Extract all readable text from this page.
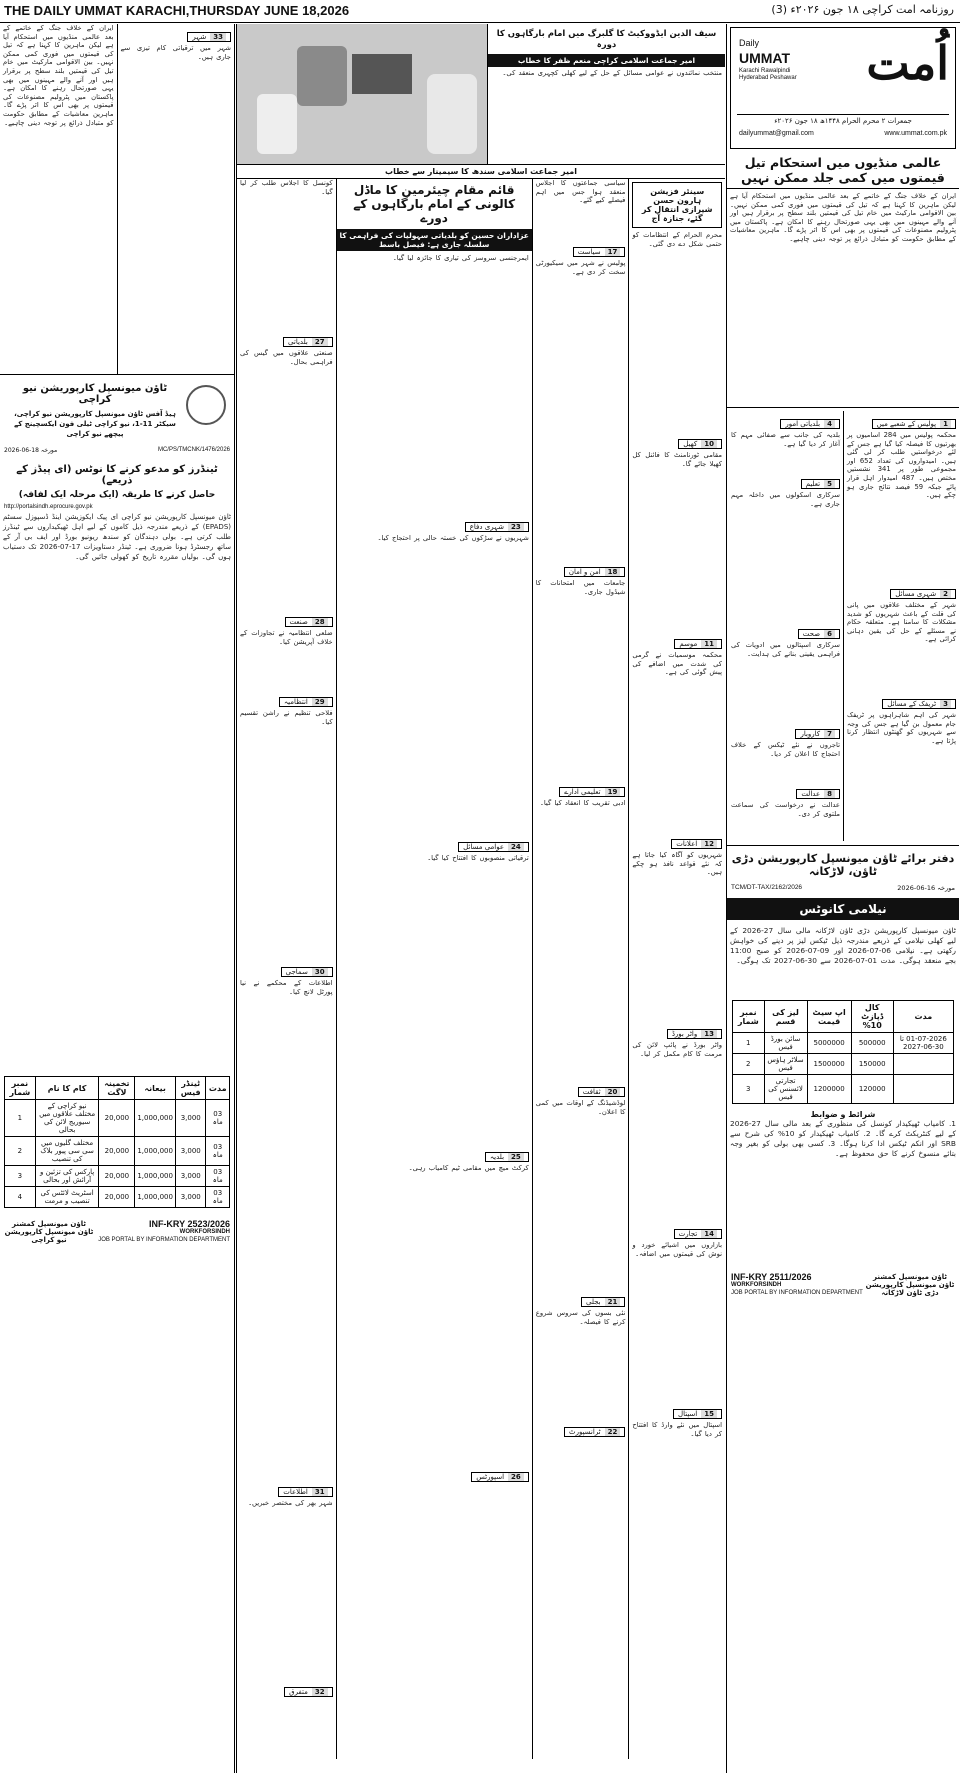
THE DAILY UMMAT KARACHI,THURSDAY JUNE 18,2026	روزنامہ امت کراچی ۱۸ جون ۲۰۲۶ء (3)
اُمت
Daily
UMMAT
Karachi Rawalpindi Hyderabad Peshawar
جمعرات ۲ محرم الحرام ۱۴۴۸ھ ۱۸ جون ۲۰۲۶ء
dailyummat@gmail.com	www.ummat.com.pk
عالمی منڈیوں میں استحکام تیل قیمتوں میں کمی جلد ممکن نہیں
ایران کے خلاف جنگ کے خاتمے کے بعد عالمی منڈیوں میں استحکام آیا ہے لیکن ماہرین کا کہنا ہے کہ تیل کی قیمتوں میں فوری کمی ممکن نہیں۔ بین الاقوامی مارکیٹ میں خام تیل کی قیمتیں بلند سطح پر برقرار ہیں اور آنے والے مہینوں میں بھی یہی صورتحال رہنے کا امکان ہے۔ پاکستان میں پٹرولیم مصنوعات کی قیمتوں پر بھی اس کا اثر پڑے گا۔ ماہرین معاشیات کے مطابق حکومت کو متبادل ذرائع پر توجہ دینی چاہیے۔
1پولیس کے شعبے میں
محکمہ پولیس میں 284 اسامیوں پر بھرتیوں کا فیصلہ کیا گیا ہے جس کے لئے درخواستیں طلب کر لی گئی ہیں۔ امیدواروں کی تعداد 652 اور مجموعی طور پر 341 نشستیں مختص ہیں۔ 487 امیدوار اہل قرار پائے جبکہ 59 فیصد نتائج جاری ہو چکے ہیں۔
2شہری مسائل
شہر کے مختلف علاقوں میں پانی کی قلت کے باعث شہریوں کو شدید مشکلات کا سامنا ہے۔ متعلقہ حکام نے مسئلے کے حل کی یقین دہانی کرائی ہے۔
3ٹریفک کے مسائل
شہر کی اہم شاہراہوں پر ٹریفک جام معمول بن گیا ہے جس کی وجہ سے شہریوں کو گھنٹوں انتظار کرنا پڑتا ہے۔
4بلدیاتی امور
بلدیہ کی جانب سے صفائی مہم کا آغاز کر دیا گیا ہے۔
5تعلیم
سرکاری اسکولوں میں داخلہ مہم جاری ہے۔
6صحت
سرکاری اسپتالوں میں ادویات کی فراہمی یقینی بنانے کی ہدایت۔
7کاروبار
تاجروں نے نئے ٹیکس کے خلاف احتجاج کا اعلان کر دیا۔
8عدالت
عدالت نے درخواست کی سماعت ملتوی کر دی۔
دفتر برائے ٹاؤن میونسپل کارپوریشن دڑی ٹاؤن، لاڑکانہ
TCM/DT-TAX/2162/2026	مورخہ 16-06-2026
نیلامی کانوٹس
ٹاؤن میونسپل کارپوریشن دڑی ٹاؤن لاڑکانہ مالی سال 27-2026 کے لیے کھلی نیلامی کے ذریعے مندرجہ ذیل ٹیکس لیز پر دینے کی خواہش رکھتی ہے۔ نیلامی 06-07-2026 اور 09-07-2026 کو صبح 11:00 بجے منعقد ہوگی۔ مدت 01-07-2026 سے 30-06-2027 تک ہوگی۔
نمبر شمار	لیز کی قسم	اپ سیٹ قیمت	کال ڈپازٹ 10%	مدت
1	سائن بورڈ فیس	5000000	500000	01-07-2026 تا 30-06-2027
2	سلاٹر ہاؤس فیس	1500000	150000	
3	تجارتی لائسنس کی فیس	1200000	120000	
شرائط و ضوابط
1. کامیاب ٹھیکیدار کونسل کی منظوری کے بعد مالی سال 27-2026 کے لیے کنٹریکٹ کرے گا۔ 2. کامیاب ٹھیکیدار کو 10% کی شرح سے SRB اور انکم ٹیکس ادا کرنا ہوگا۔ 3. کسی بھی بولی کو بغیر وجہ بتائے منسوخ کرنے کا حق محفوظ ہے۔
INF-KRY 2511/2026
WORKFORSINDH
JOB PORTAL BY INFORMATION DEPARTMENT
ٹاؤن میونسپل کمشنر ٹاؤن میونسپل کارپوریشن دڑی ٹاؤن لاڑکانہ
سیف الدین ایڈووکیٹ کا گلبرگ میں امام بارگاہوں کا دورہ
امیر جماعت اسلامی کراچی منعم ظفر کا خطاب
منتخب نمائندوں نے عوامی مسائل کے حل کے لیے کھلی کچہری منعقد کی۔
امیر جماعت اسلامی سندھ کا سیمینار سے خطاب
سینئر فزیشن ہارون حسن شیرازی انتقال کر گئے، جنازہ آج
محرم الحرام کے انتظامات کو حتمی شکل دے دی گئی۔
10کھیل
مقامی ٹورنامنٹ کا فائنل کل کھیلا جائے گا۔
11موسم
محکمہ موسمیات نے گرمی کی شدت میں اضافے کی پیش گوئی کی ہے۔
12اعلانات
شہریوں کو آگاہ کیا جاتا ہے کہ نئے قواعد نافذ ہو چکے ہیں۔
13واٹر بورڈ
واٹر بورڈ نے پائپ لائن کی مرمت کا کام مکمل کر لیا۔
14تجارت
بازاروں میں اشیائے خورد و نوش کی قیمتوں میں اضافہ۔
15اسپتال
اسپتال میں نئے وارڈ کا افتتاح کر دیا گیا۔
سیاسی جماعتوں کا اجلاس منعقد ہوا جس میں اہم فیصلے کیے گئے۔
17سیاست
پولیس نے شہر میں سیکیورٹی سخت کر دی ہے۔
18امن و امان
جامعات میں امتحانات کا شیڈول جاری۔
19تعلیمی ادارے
ادبی تقریب کا انعقاد کیا گیا۔
20ثقافت
لوڈشیڈنگ کے اوقات میں کمی کا اعلان۔
21بجلی
نئی بسوں کی سروس شروع کرنے کا فیصلہ۔
22ٹرانسپورٹ
قائم مقام چیئرمین کا ماڈل کالونی کے امام بارگاہوں کے دورے
عزاداران حسین کو بلدیاتی سہولیات کی فراہمی کا سلسلہ جاری ہے: فیصل باسط
ایمرجنسی سروسز کی تیاری کا جائزہ لیا گیا۔
23شہری دفاع
شہریوں نے سڑکوں کی خستہ حالی پر احتجاج کیا۔
24عوامی مسائل
ترقیاتی منصوبوں کا افتتاح کیا گیا۔
25بلدیہ
کرکٹ میچ میں مقامی ٹیم کامیاب رہی۔
26اسپورٹس
کونسل کا اجلاس طلب کر لیا گیا۔
27بلدیاتی
صنعتی علاقوں میں گیس کی فراہمی بحال۔
28صنعت
ضلعی انتظامیہ نے تجاوزات کے خلاف آپریشن کیا۔
29انتظامیہ
فلاحی تنظیم نے راشن تقسیم کیا۔
30سماجی
اطلاعات کے محکمے نے نیا پورٹل لانچ کیا۔
31اطلاعات
شہر بھر کی مختصر خبریں۔
32متفرق
33شہر
شہر میں ترقیاتی کام تیزی سے جاری ہیں۔
ایران کے خلاف جنگ کے خاتمے کے بعد عالمی منڈیوں میں استحکام آیا ہے لیکن ماہرین کا کہنا ہے کہ تیل کی قیمتوں میں فوری کمی ممکن نہیں۔ بین الاقوامی مارکیٹ میں خام تیل کی قیمتیں بلند سطح پر برقرار ہیں اور آنے والے مہینوں میں بھی یہی صورتحال رہنے کا امکان ہے۔ پاکستان میں پٹرولیم مصنوعات کی قیمتوں پر بھی اس کا اثر پڑے گا۔ ماہرین معاشیات کے مطابق حکومت کو متبادل ذرائع پر توجہ دینی چاہیے۔
ٹاؤن میونسپل کارپوریشن نیو کراچی
ہیڈ آفس ٹاؤن میونسپل کارپوریشن نیو کراچی، سیکٹر 11-1، نیو کراچی ٹیلی فون ایکسچینج کے پیچھے نیو کراچی
مورخہ 18-06-2026	MC/PS/TMCNK/1476/2026
ٹینڈرز کو مدعو کرنے کا نوٹس (ای پیڈز کے ذریعے)
حاصل کرنے کا طریقہ (ایک مرحلہ ایک لفافہ)
http://portalsindh.eprocure.gov.pk
ٹاؤن میونسپل کارپوریشن نیو کراچی ای پیک ایکوزیشن اینڈ ڈسپوزل سسٹم (EPADS) کے ذریعے مندرجہ ذیل کاموں کے لیے اہل ٹھیکیداروں سے ٹینڈرز طلب کرتی ہے۔ بولی دہندگان کو سندھ ریونیو بورڈ اور ایف بی آر کے ساتھ رجسٹرڈ ہونا ضروری ہے۔ ٹینڈر دستاویزات 17-07-2026 تک دستیاب ہوں گی۔ بولیاں مقررہ تاریخ کو کھولی جائیں گی۔
نمبر شمار	کام کا نام	تخمینہ لاگت	بیعانہ	ٹینڈر فیس	مدت
1	نیو کراچی کے مختلف علاقوں میں سیوریج لائن کی بحالی	20,000	1,000,000	3,000	03 ماہ
2	مختلف گلیوں میں سی سی پیور بلاک کی تنصیب	20,000	1,000,000	3,000	03 ماہ
3	پارکس کی تزئین و آرائش اور بحالی	20,000	1,000,000	3,000	03 ماہ
4	اسٹریٹ لائٹس کی تنصیب و مرمت	20,000	1,000,000	3,000	03 ماہ
ٹاؤن میونسپل کمشنر ٹاؤن میونسپل کارپوریشن نیو کراچی
INF-KRY 2523/2026
WORKFORSINDH
JOB PORTAL BY INFORMATION DEPARTMENT
